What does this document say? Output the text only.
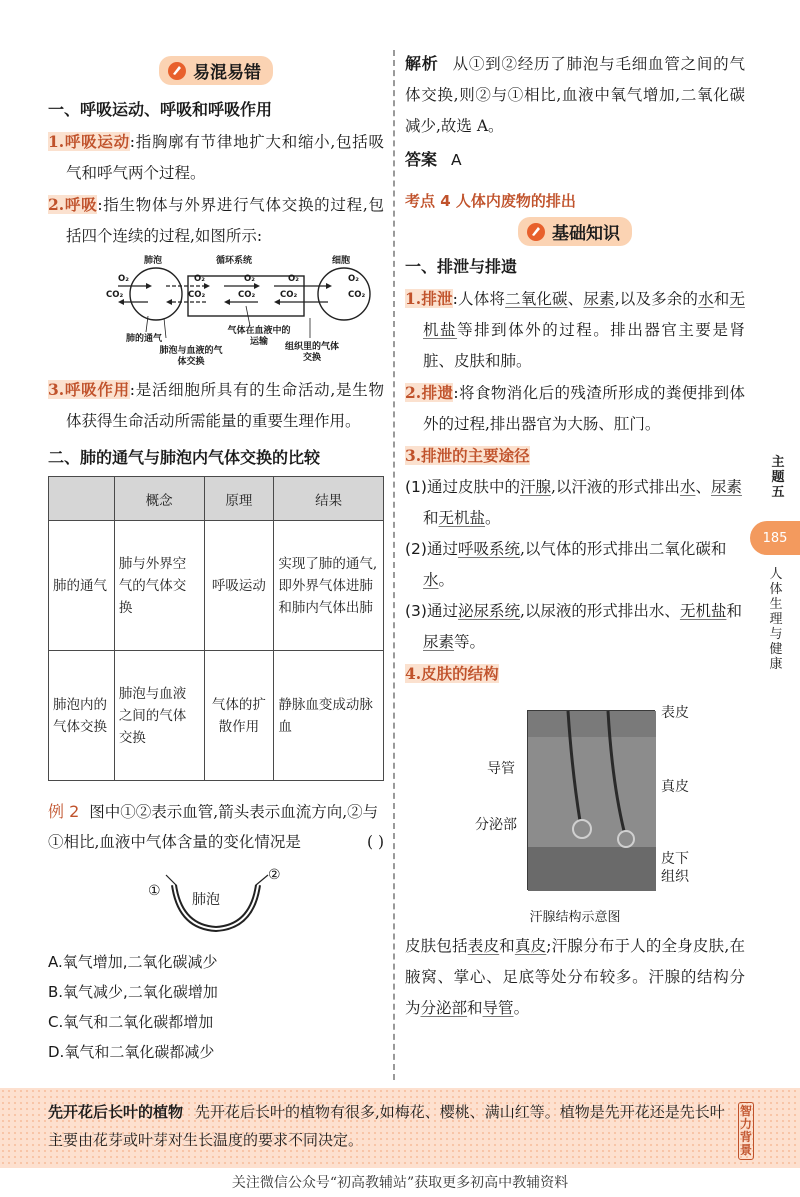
易混易错
一、呼吸运动、呼吸和呼吸作用

1.呼吸运动:指胸廓有节律地扩大和缩小,包括吸气和呼气两个过程。

2.呼吸:指生物体与外界进行气体交换的过程,包括四个连续的过程,如图所示:

肺泡	循环系统	细胞
O₂
CO₂
O₂
CO₂
O₂
CO₂
O₂
CO₂
O₂
CO₂
肺的通气
肺泡与血液的气体交换
气体在血液中的运输	组织里的气体交换

3.呼吸作用:是活细胞所具有的生命活动,是生物体获得生命活动所需能量的重要生理作用。

二、肺的通气与肺泡内气体交换的比较
	概念	原理	结果
肺的通气	肺与外界空气的气体交换	呼吸运动	实现了肺的通气,即外界气体进肺和肺内气体出肺
肺泡内的气体交换	肺泡与血液之间的气体交换	气体的扩散作用	静脉血变成动脉血
例 2 图中①②表示血管,箭头表示血流方向,②与①相比,血液中气体含量的变化情况是	( )
①
②
肺泡
A.氧气增加,二氧化碳减少
B.氧气减少,二氧化碳增加
C.氧气和二氧化碳都增加
D.氧气和二氧化碳都减少

解析 从①到②经历了肺泡与毛细血管之间的气体交换,则②与①相比,血液中氧气增加,二氧化碳减少,故选 A。

答案 A

考点 4 人体内废物的排出
基础知识
一、排泄与排遗

1.排泄:人体将二氧化碳、尿素,以及多余的水和无机盐等排到体外的过程。排出器官主要是肾脏、皮肤和肺。

2.排遗:将食物消化后的残渣所形成的粪便排到体外的过程,排出器官为大肠、肛门。

3.排泄的主要途径

(1)通过皮肤中的汗腺,以汗液的形式排出水、尿素和无机盐。

(2)通过呼吸系统,以气体的形式排出二氧化碳和水。

(3)通过泌尿系统,以尿液的形式排出水、无机盐和尿素等。

4.皮肤的结构

表皮
导管
真皮
分泌部
皮下组织
汗腺结构示意图

皮肤包括表皮和真皮;汗腺分布于人的全身皮肤,在腋窝、掌心、足底等处分布较多。汗腺的结构分为分泌部和导管。

主题五
185
人体生理与健康
先开花后长叶的植物 先开花后长叶的植物有很多,如梅花、樱桃、满山红等。植物是先开花还是先长叶主要由花芽或叶芽对生长温度的要求不同决定。
智力背景
关注微信公众号“初高教辅站”获取更多初高中教辅资料
